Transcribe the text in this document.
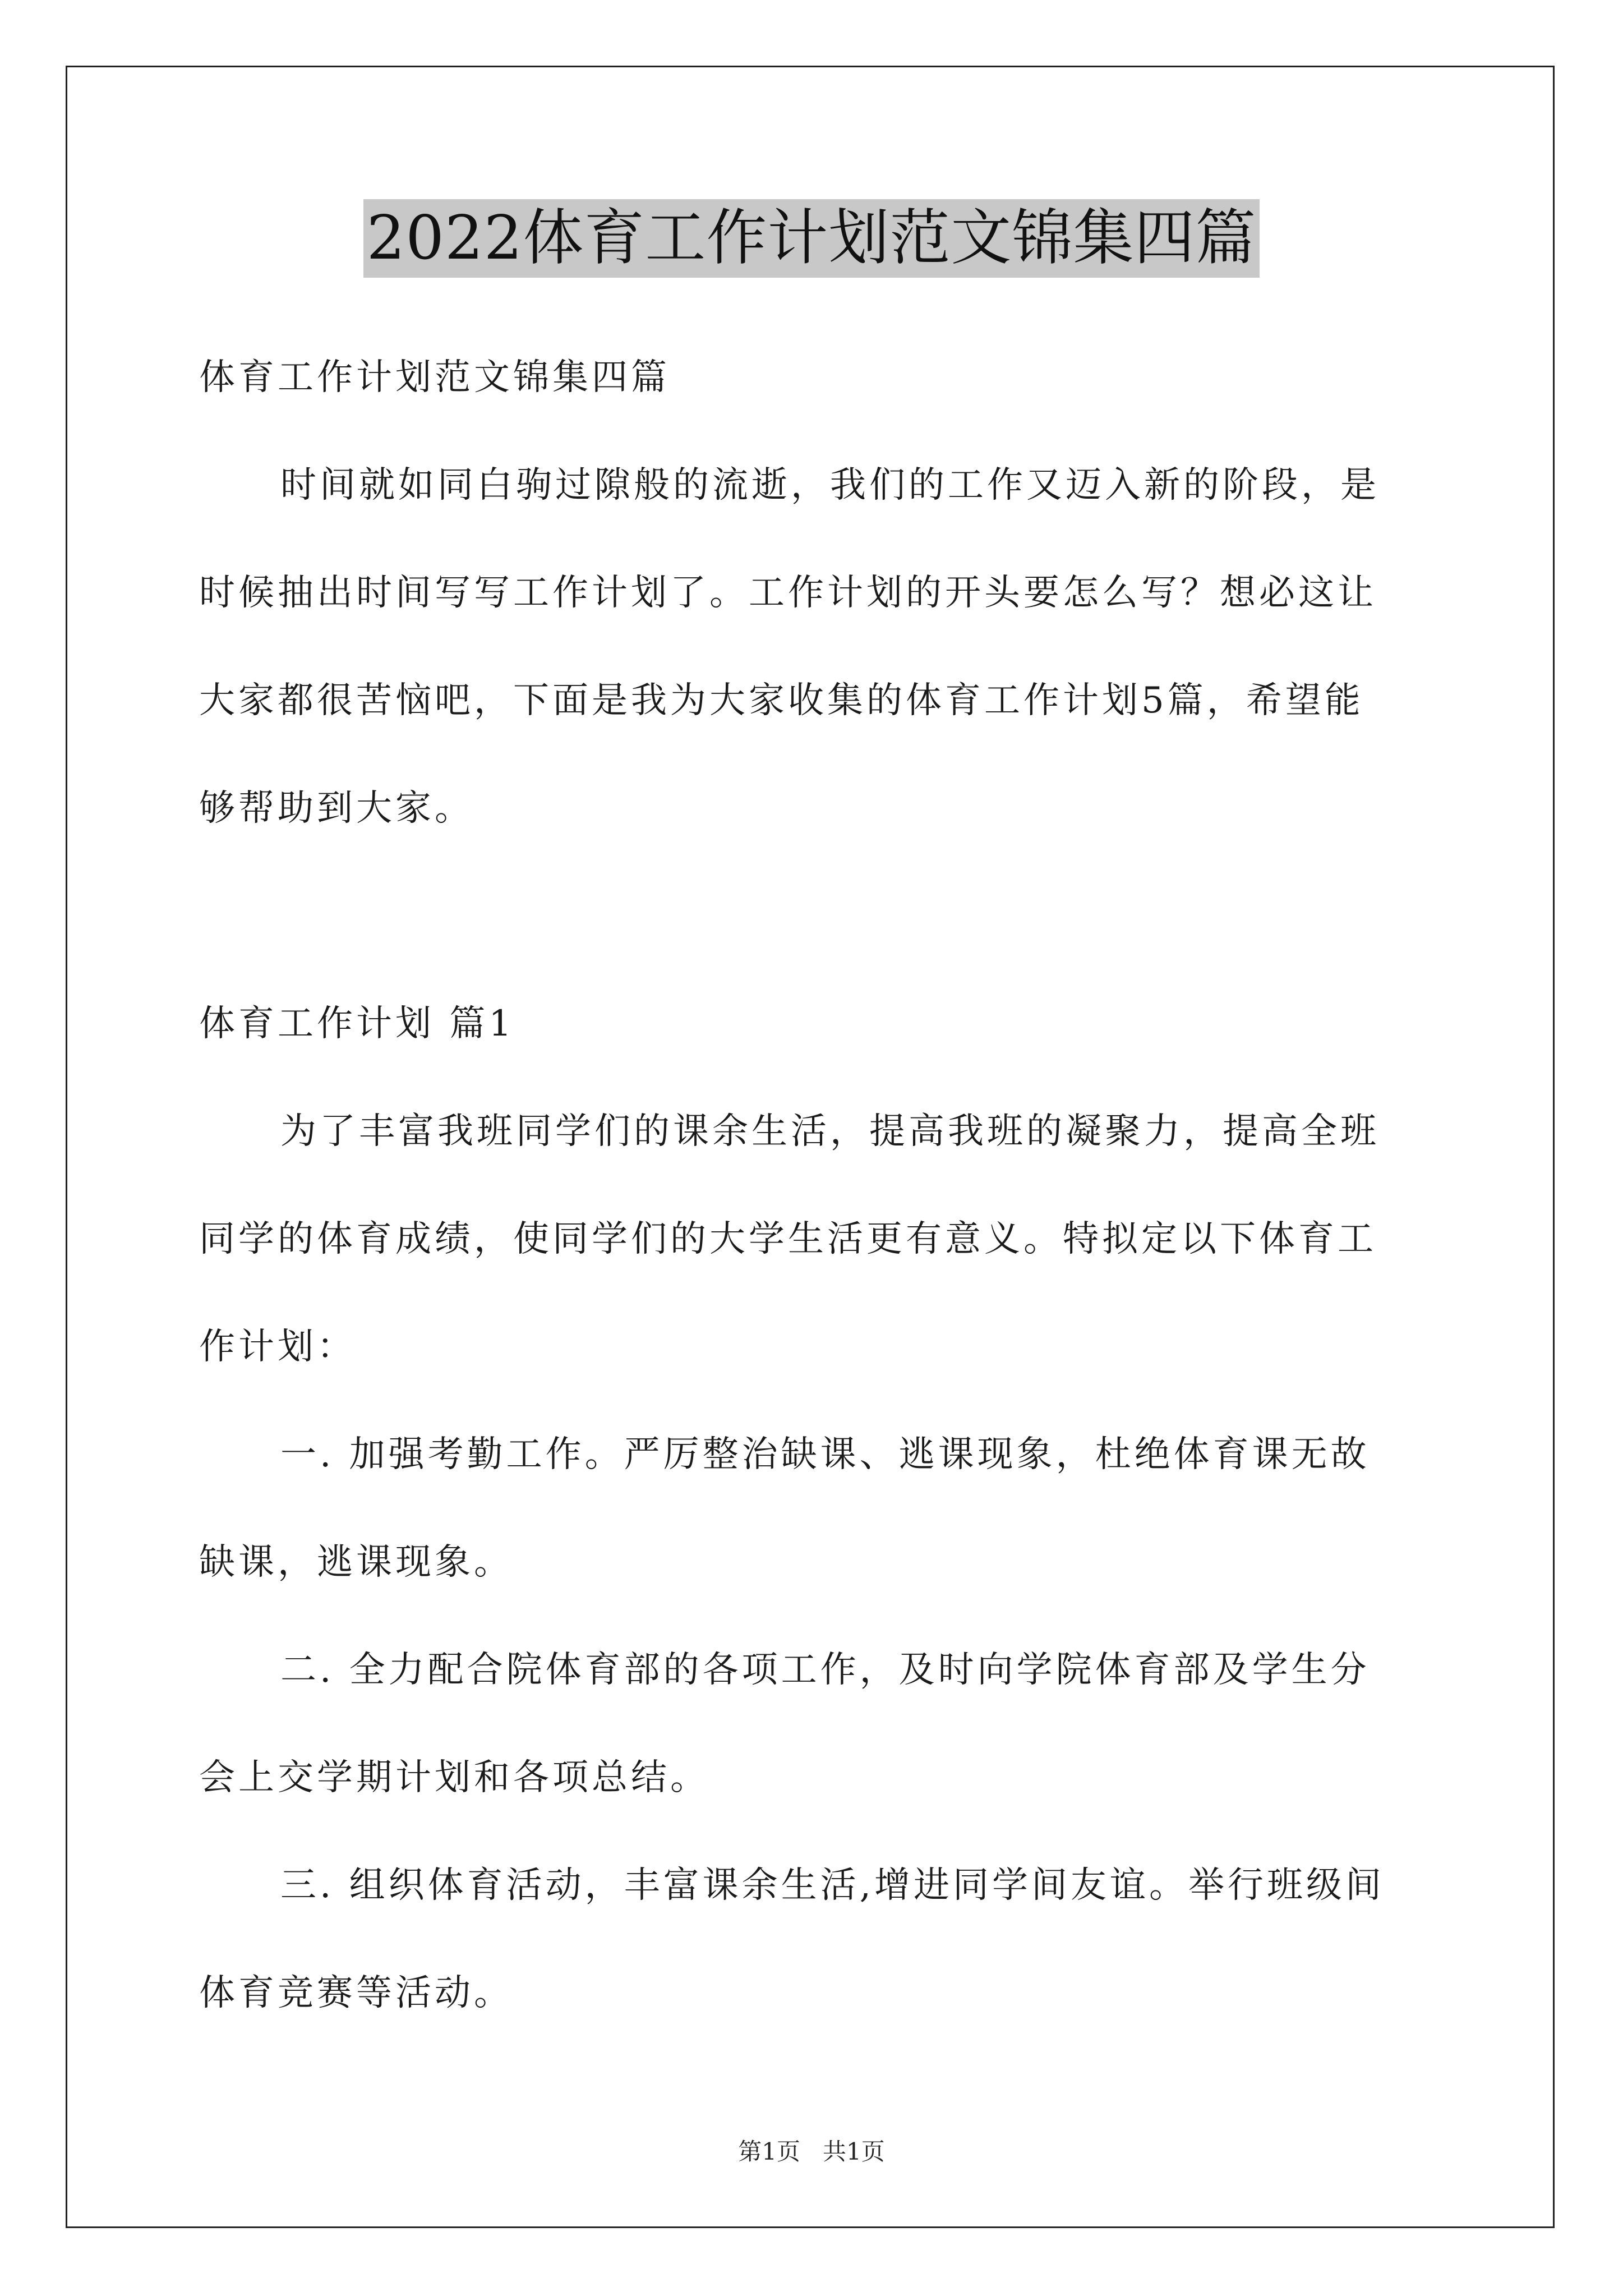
2022体育工作计划范文锦集四篇
体育工作计划范文锦集四篇
时间就如同白驹过隙般的流逝，我们的工作又迈入新的阶段，是
时候抽出时间写写工作计划了。工作计划的开头要怎么写？想必这让
大家都很苦恼吧，下面是我为大家收集的体育工作计划5篇，希望能
够帮助到大家。
体育工作计划 篇1
为了丰富我班同学们的课余生活，提高我班的凝聚力，提高全班
同学的体育成绩，使同学们的大学生活更有意义。特拟定以下体育工
作计划：
一. 加强考勤工作。严厉整治缺课、逃课现象，杜绝体育课无故
缺课，逃课现象。
二. 全力配合院体育部的各项工作，及时向学院体育部及学生分
会上交学期计划和各项总结。
三. 组织体育活动，丰富课余生活,增进同学间友谊。举行班级间
体育竞赛等活动。
第1页   共1页
